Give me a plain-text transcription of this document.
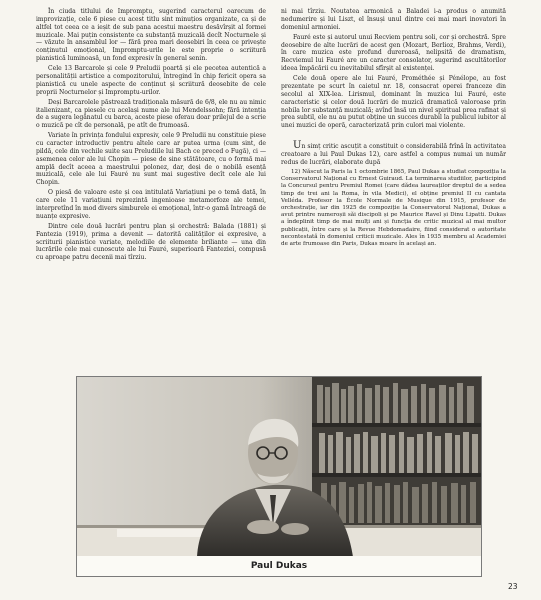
În ciuda titlului de Impromptu, sugerind caracterul oarecum de improvizație, cele 6 piese cu acest titlu sint minuțios organizate, ca și de altfel tot ceea ce a ieșit de sub pana acestui maestru desăvîrșit al formei muzicale. Mai puțin consistente ca substanță muzicală decît Nocturnele și — văzute în ansamblul lor — fără prea mari deosebiri în ceea ce privește conținutul emoțional, Impromptu-urile le este proprie o scriitură pianistică luminoasă, un fond expresiv în general senin.

Cele 13 Barcarole și cele 9 Preludii poartă și ele pecetea autentică a personalității artistice a compozitorului, întregind în chip fericit opera sa pianistică cu unele aspecte de conținut și scriitură deosebite de cele proprii Nocturnelor și Impromptu-urilor.

Deși Barcarolele păstrează tradiționala măsură de 6/8, ele nu au nimic italienizant, ca piesele cu același nume ale lui Mendelssohn; fără intenția de a sugera legănatul cu barca, aceste piese oferau doar prilejul de a scrie o muzică pe cît de personală, pe atît de frumoasă.

Variate în privința fondului expresiv, cele 9 Preludii nu constituie piese cu caracter introductiv pentru altele care ar putea urma (cum sint, de pildă, cele din vechile suite sau Preludiile lui Bach ce preced o Fugă), ci — asemenea celor ale lui Chopin — piese de sine stătătoare, cu o formă mai amplă decît aceea a maestrului polonez, dar, deși de o nobilă esență muzicală, cele ale lui Fauré nu sunt mai sugestive decît cele ale lui Chopin.

O piesă de valoare este și cea intitulată Variațiuni pe o temă dată, în care cele 11 variațiuni reprezintă ingenioase metamorfoze ale temei, interpretînd în mod divers simburele ei emoțional, într-o gamă întreagă de nuanțe expresive.

Dintre cele două lucrări pentru plan și orchestră: Balada (1881) și Fantezia (1919), prima a devenit — datorită calităților ei expresive, a scriiturii pianistice variate, melodiile de elemente briliante — una din lucrările cele mai cunoscute ale lui Fauré, superioară Fanteziei, compusă cu aproape patru decenii mai tîrziu.

ni mai tîrziu. Noutatea armonică a Baladei i-a produs o anumită nedumerire și lui Liszt, el însuși unul dintre cei mai mari inovatori în domeniul armoniei.

Fauré este și autorul unui Recviem pentru soli, cor și orchestră. Spre deosebire de alte lucrări de acest gen (Mozart, Berlioz, Brahms, Verdi), în care muzica este profund dureroasă, nelipsită de dramatism, Recviemul lui Fauré are un caracter consolator, sugerind ascultătorilor ideea împăcării cu inevitabilul sfîrșit al existenței.

Cele două opere ale lui Fauré, Prométhée și Pénélope, au fost prezentate pe scurt în caietul nr. 18, consacrat operei franceze din secolul al XIX-lea. Lirismul, dominant în muzica lui Fauré, este caracteristic și celor două lucrări de muzică dramatică valoroase prin nobila lor substanță muzicală; avînd însă un nivel spiritual prea rafinat și prea subtil, ele nu au putut obține un succes durabil la publicul iubitor al unei muzici de operă, caracterizată prin culori mai violente.

Un simț critic ascuțit a constituit o considerabilă frînă în activitatea creatoare a lui Paul Dukas 12), care astfel a compus numai un număr redus de lucrări, elaborate după

12) Născut la Paris la 1 octombrie 1865, Paul Dukas a studiat compoziția la Conservatorul Național cu Ernest Guiraud. La terminarea studiilor, participind la Concursul pentru Premiul Romei (care dădea laureaților dreptul de a sedea timp de trei ani la Roma, în vila Medici), el obține premiul II cu cantata Velléda. Profesor la École Normale de Musique din 1915, profesor de orchestrație, iar din 1925 de compoziție la Conservatorul Național, Dukas a avut printre numeroșii săi discipoli și pe Maurice Ravel și Dinu Lipatti. Dukas a îndeplinit timp de mai mulți ani și funcția de critic muzical al mai multor publicații, între care și la Revue Hebdomadaire, fiind considerat o autoritate necontestată în domeniul criticii muzicale. Ales în 1935 membru al Academiei de arte frumoase din Paris, Dukas moare în același an.

Paul Dukas
23
